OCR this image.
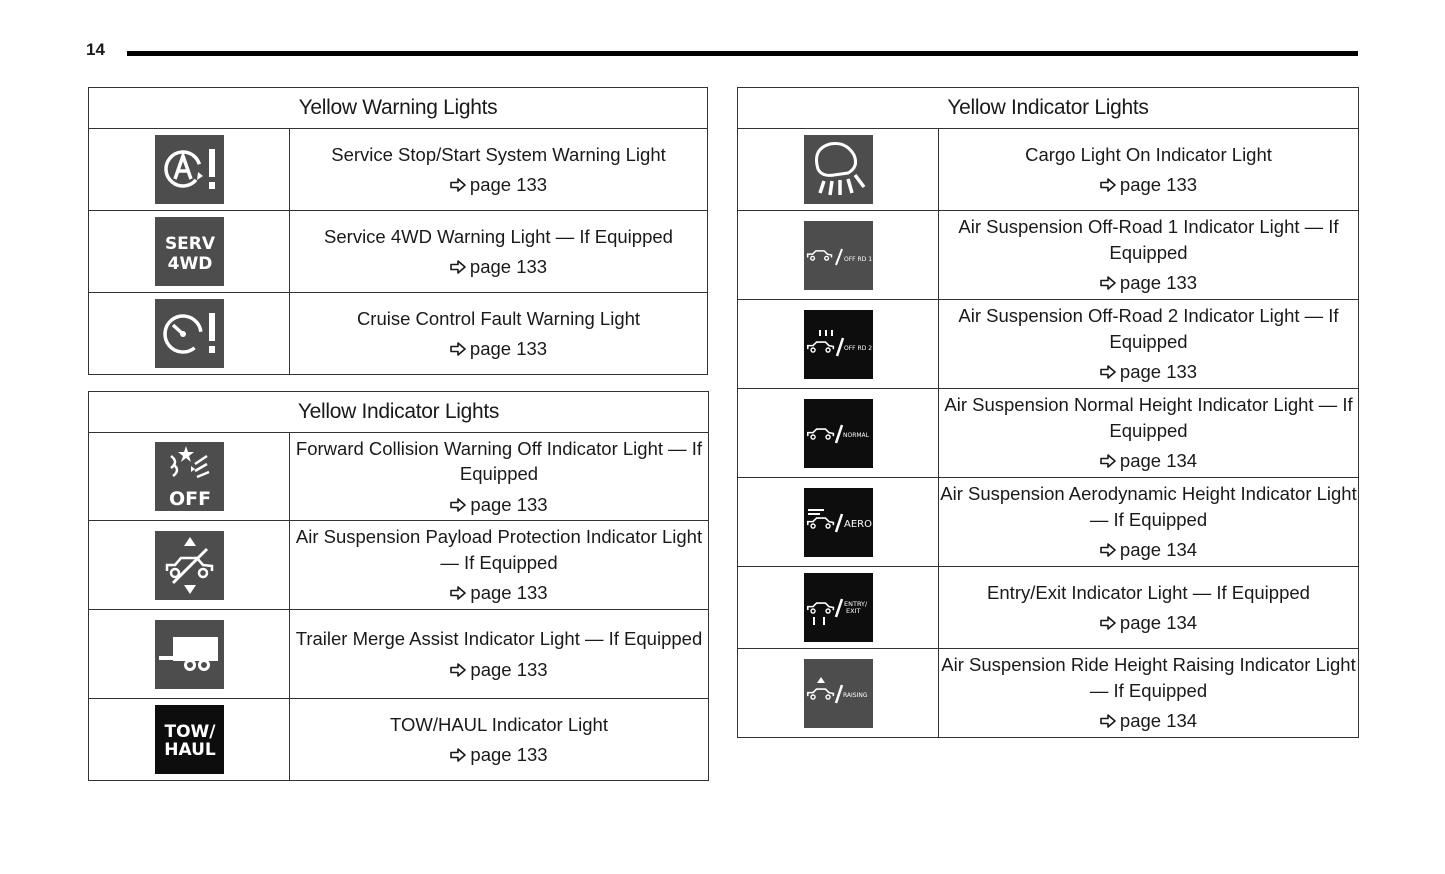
14
Yellow Warning Lights	

	Service Stop/Start System Warning Light
page 133

SERV
4WD	Service 4WD Warning Light — If Equipped
page 133

	Cruise Control Fault Warning Light
page 133
Yellow Indicator Lights	

OFF	Forward Collision Warning Off Indicator Light — If Equipped
page 133

	Air Suspension Payload Protection Indicator Light — If Equipped
page 133

	Trailer Merge Assist Indicator Light — If Equipped
page 133

TOW/
HAUL	TOW/HAUL Indicator Light
page 133
Yellow Indicator Lights	

	Cargo Light On Indicator Light
page 133

OFF RD 1	Air Suspension Off-Road 1 Indicator Light — If Equipped
page 133

OFF RD 2	Air Suspension Off-Road 2 Indicator Light — If Equipped
page 133

NORMAL	Air Suspension Normal Height Indicator Light — If Equipped
page 134

AERO	Air Suspension Aerodynamic Height Indicator Light — If Equipped
page 134

ENTRY/
EXIT	Entry/Exit Indicator Light — If Equipped
page 134

RAISING	Air Suspension Ride Height Raising Indicator Light — If Equipped
page 134
